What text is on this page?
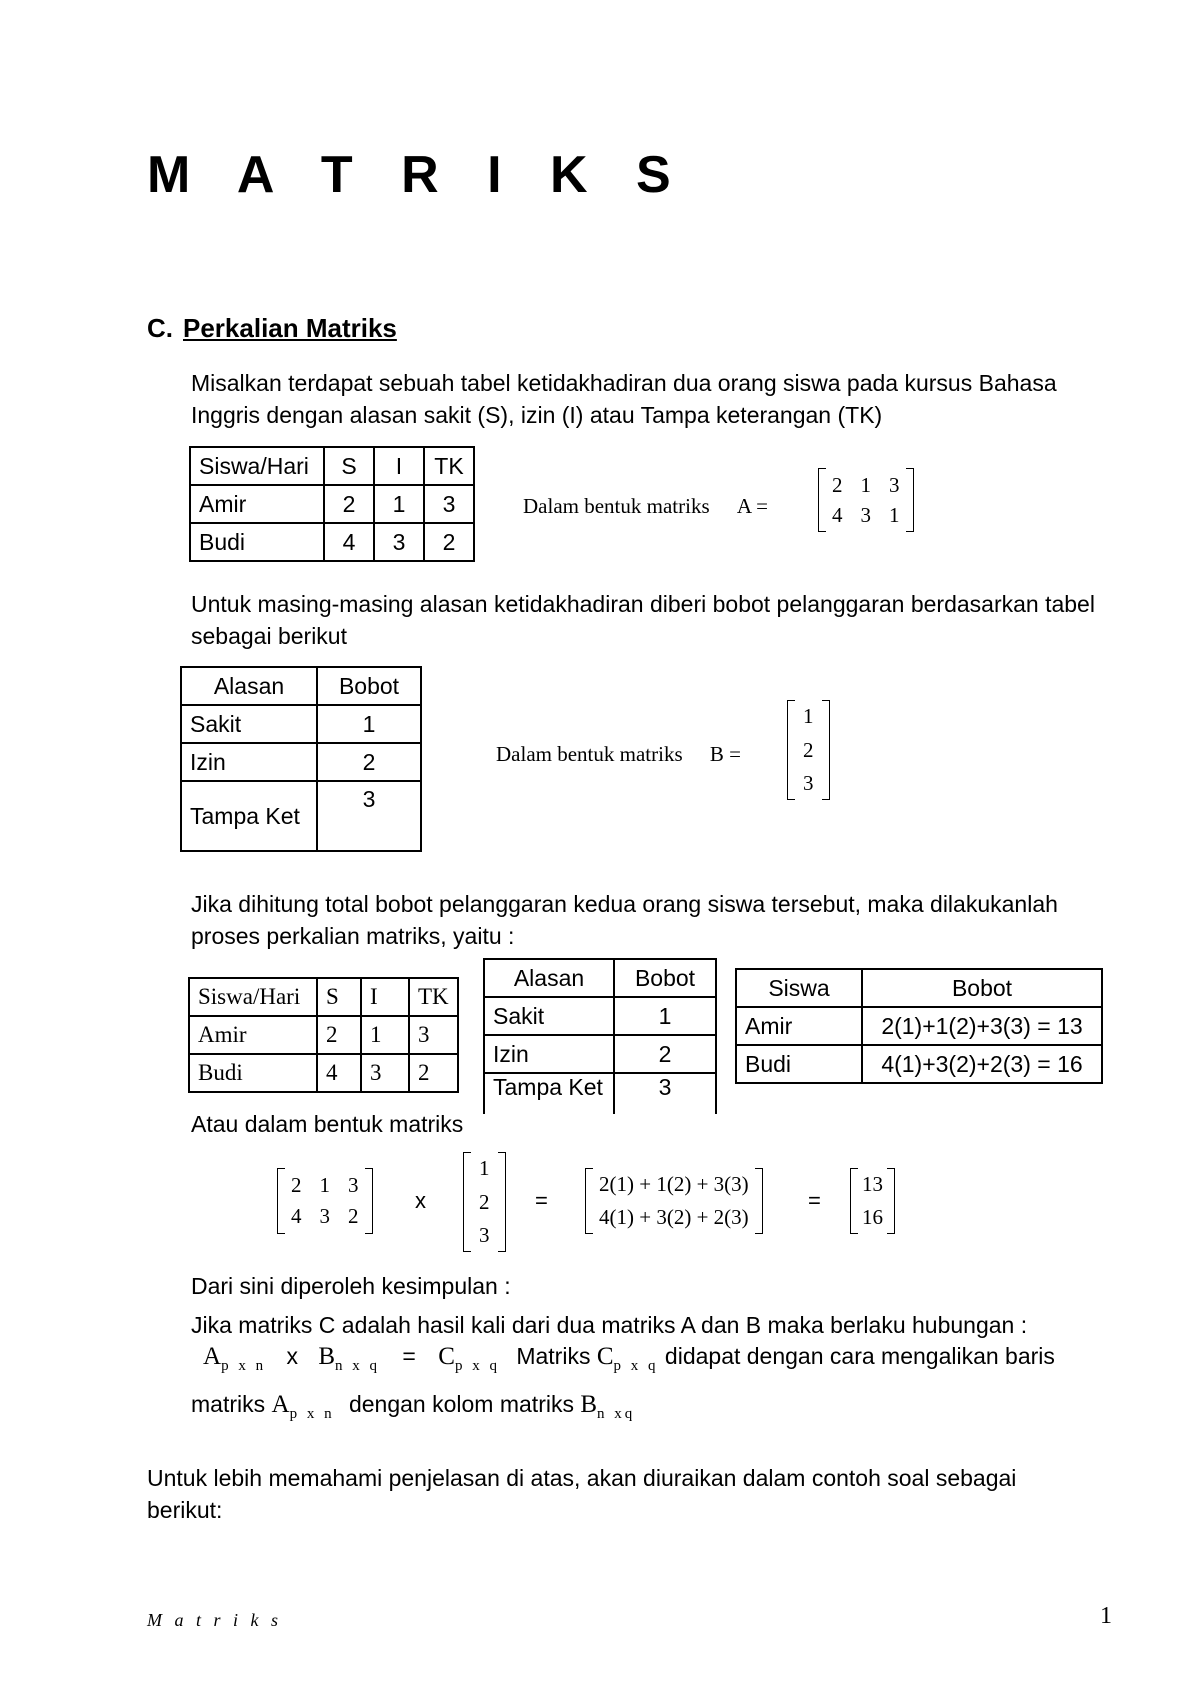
M A T R I K S
C. Perkalian Matriks
Misalkan terdapat sebuah tabel ketidakhadiran dua orang siswa pada kursus Bahasa Inggris dengan alasan sakit (S), izin (I) atau Tampa keterangan (TK)
Siswa/Hari	S	I	TK
Amir	2	1	3
Budi	4	3	2
Dalam bentuk matriks A =
2 1 3
4 3 1
Untuk masing-masing alasan ketidakhadiran diberi bobot pelanggaran berdasarkan tabel sebagai berikut
Alasan	Bobot
Sakit	1
Izin	2
Tampa Ket	3
Dalam bentuk matriks B =
1
2
3
Jika dihitung total bobot pelanggaran kedua orang siswa tersebut, maka dilakukanlah proses perkalian matriks, yaitu :
Siswa/Hari	S	I	TK
Amir	2	1	3
Budi	4	3	2
Alasan	Bobot
Sakit	1
Izin	2
Tampa Ket	3
Siswa	Bobot
Amir	2(1)+1(2)+3(3) = 13
Budi	4(1)+3(2)+2(3) = 16
Atau dalam bentuk matriks
2 1 3
4 3 2
x
1
2
3
=
2(1) + 1(2) + 3(3)
4(1) + 3(2) + 2(3)
=
13
16
Dari sini diperoleh kesimpulan :
Jika matriks C adalah hasil kali dari dua matriks A dan B maka berlaku hubungan :
$A_{p x n}$ x $B_{n x q} = C_{p x q}$ Matriks $C_{p x q}$ didapat dengan cara mengalikan baris
matriks $A_{p x n}$ dengan kolom matriks $B_{n xq}$
Untuk lebih memahami penjelasan di atas, akan diuraikan dalam contoh soal sebagai berikut:
M a t r i k s	1
